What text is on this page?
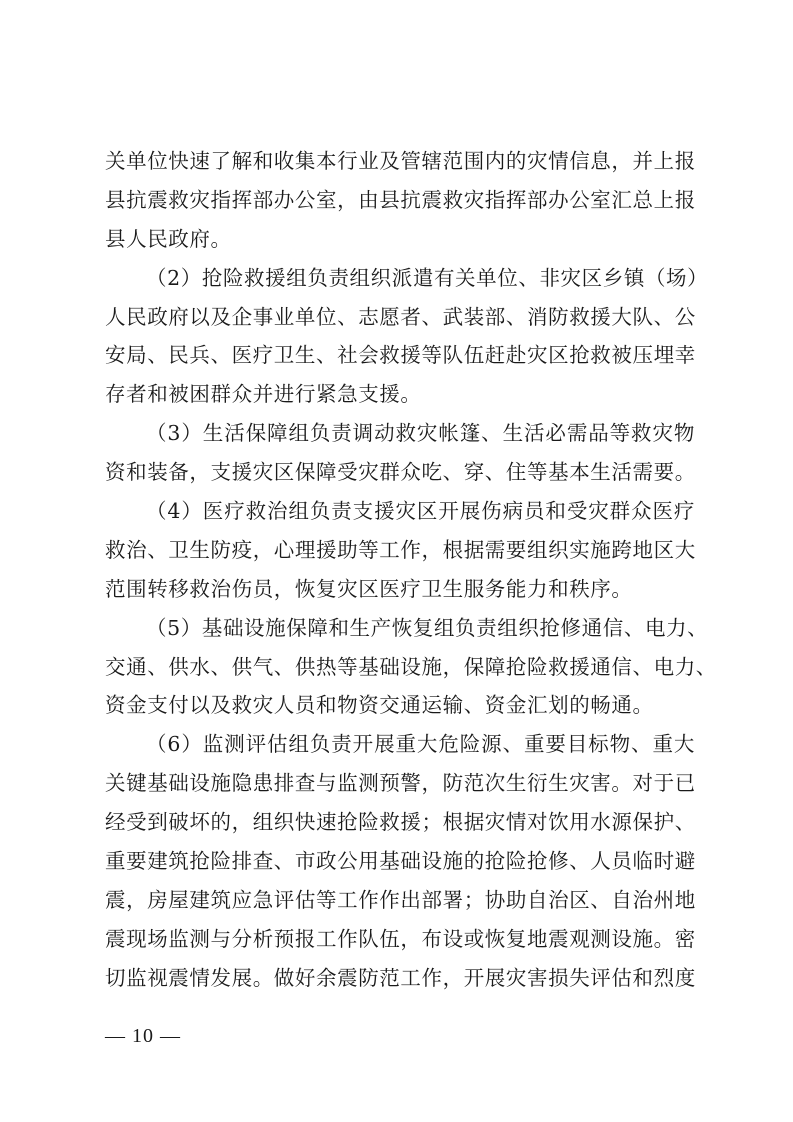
关单位快速了解和收集本行业及管辖范围内的灾情信息，并上报
县抗震救灾指挥部办公室，由县抗震救灾指挥部办公室汇总上报
县人民政府。
（2）抢险救援组负责组织派遣有关单位、非灾区乡镇（场）
人民政府以及企事业单位、志愿者、武装部、消防救援大队、公
安局、民兵、医疗卫生、社会救援等队伍赶赴灾区抢救被压埋幸
存者和被困群众并进行紧急支援。
（3）生活保障组负责调动救灾帐篷、生活必需品等救灾物
资和装备，支援灾区保障受灾群众吃、穿、住等基本生活需要。
（4）医疗救治组负责支援灾区开展伤病员和受灾群众医疗
救治、卫生防疫，心理援助等工作，根据需要组织实施跨地区大
范围转移救治伤员，恢复灾区医疗卫生服务能力和秩序。
（5）基础设施保障和生产恢复组负责组织抢修通信、电力、
交通、供水、供气、供热等基础设施，保障抢险救援通信、电力、
资金支付以及救灾人员和物资交通运输、资金汇划的畅通。
（6）监测评估组负责开展重大危险源、重要目标物、重大
关键基础设施隐患排查与监测预警，防范次生衍生灾害。对于已
经受到破坏的，组织快速抢险救援；根据灾情对饮用水源保护、
重要建筑抢险排查、市政公用基础设施的抢险抢修、人员临时避
震，房屋建筑应急评估等工作作出部署；协助自治区、自治州地
震现场监测与分析预报工作队伍，布设或恢复地震观测设施。密
切监视震情发展。做好余震防范工作，开展灾害损失评估和烈度
— 10 —
